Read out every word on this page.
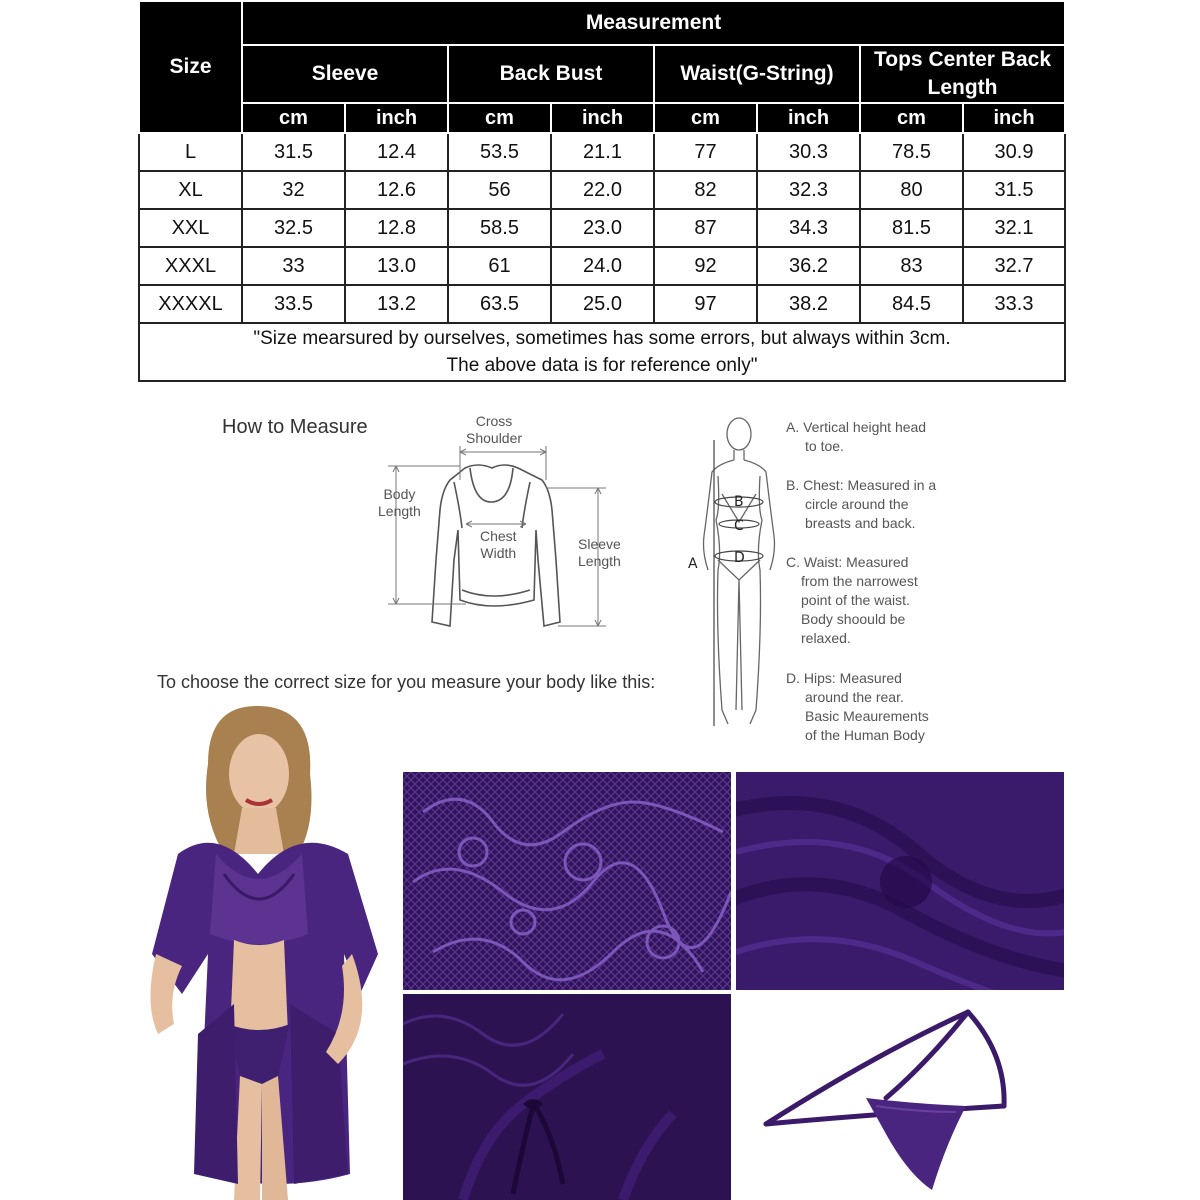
Size	Measurement							
	Sleeve		Back Bust		Waist(G-String)		Tops Center Back Length	
	cm	inch	cm	inch	cm	inch	cm	inch
L	31.5	12.4	53.5	21.1	77	30.3	78.5	30.9
XL	32	12.6	56	22.0	82	32.3	80	31.5
XXL	32.5	12.8	58.5	23.0	87	34.3	81.5	32.1
XXXL	33	13.0	61	24.0	92	36.2	83	32.7
XXXXL	33.5	13.2	63.5	25.0	97	38.2	84.5	33.3

"Size mearsured by ourselves, sometimes has some errors, but always within 3cm.
The above data is for reference only"								
How to Measure	Cross
Shoulder
Body
Length
Chest
Width
Sleeve
Length
B
C
D
A
A. Vertical height head
to toe.
B. Chest: Measured in a
circle around the
breasts and back.
C. Waist: Measured
from the narrowest
point of the waist.
Body shoould be
relaxed.
D. Hips: Measured
around the rear.
Basic Meaurements
of the Human Body
To choose the correct size for you measure your body like this:
